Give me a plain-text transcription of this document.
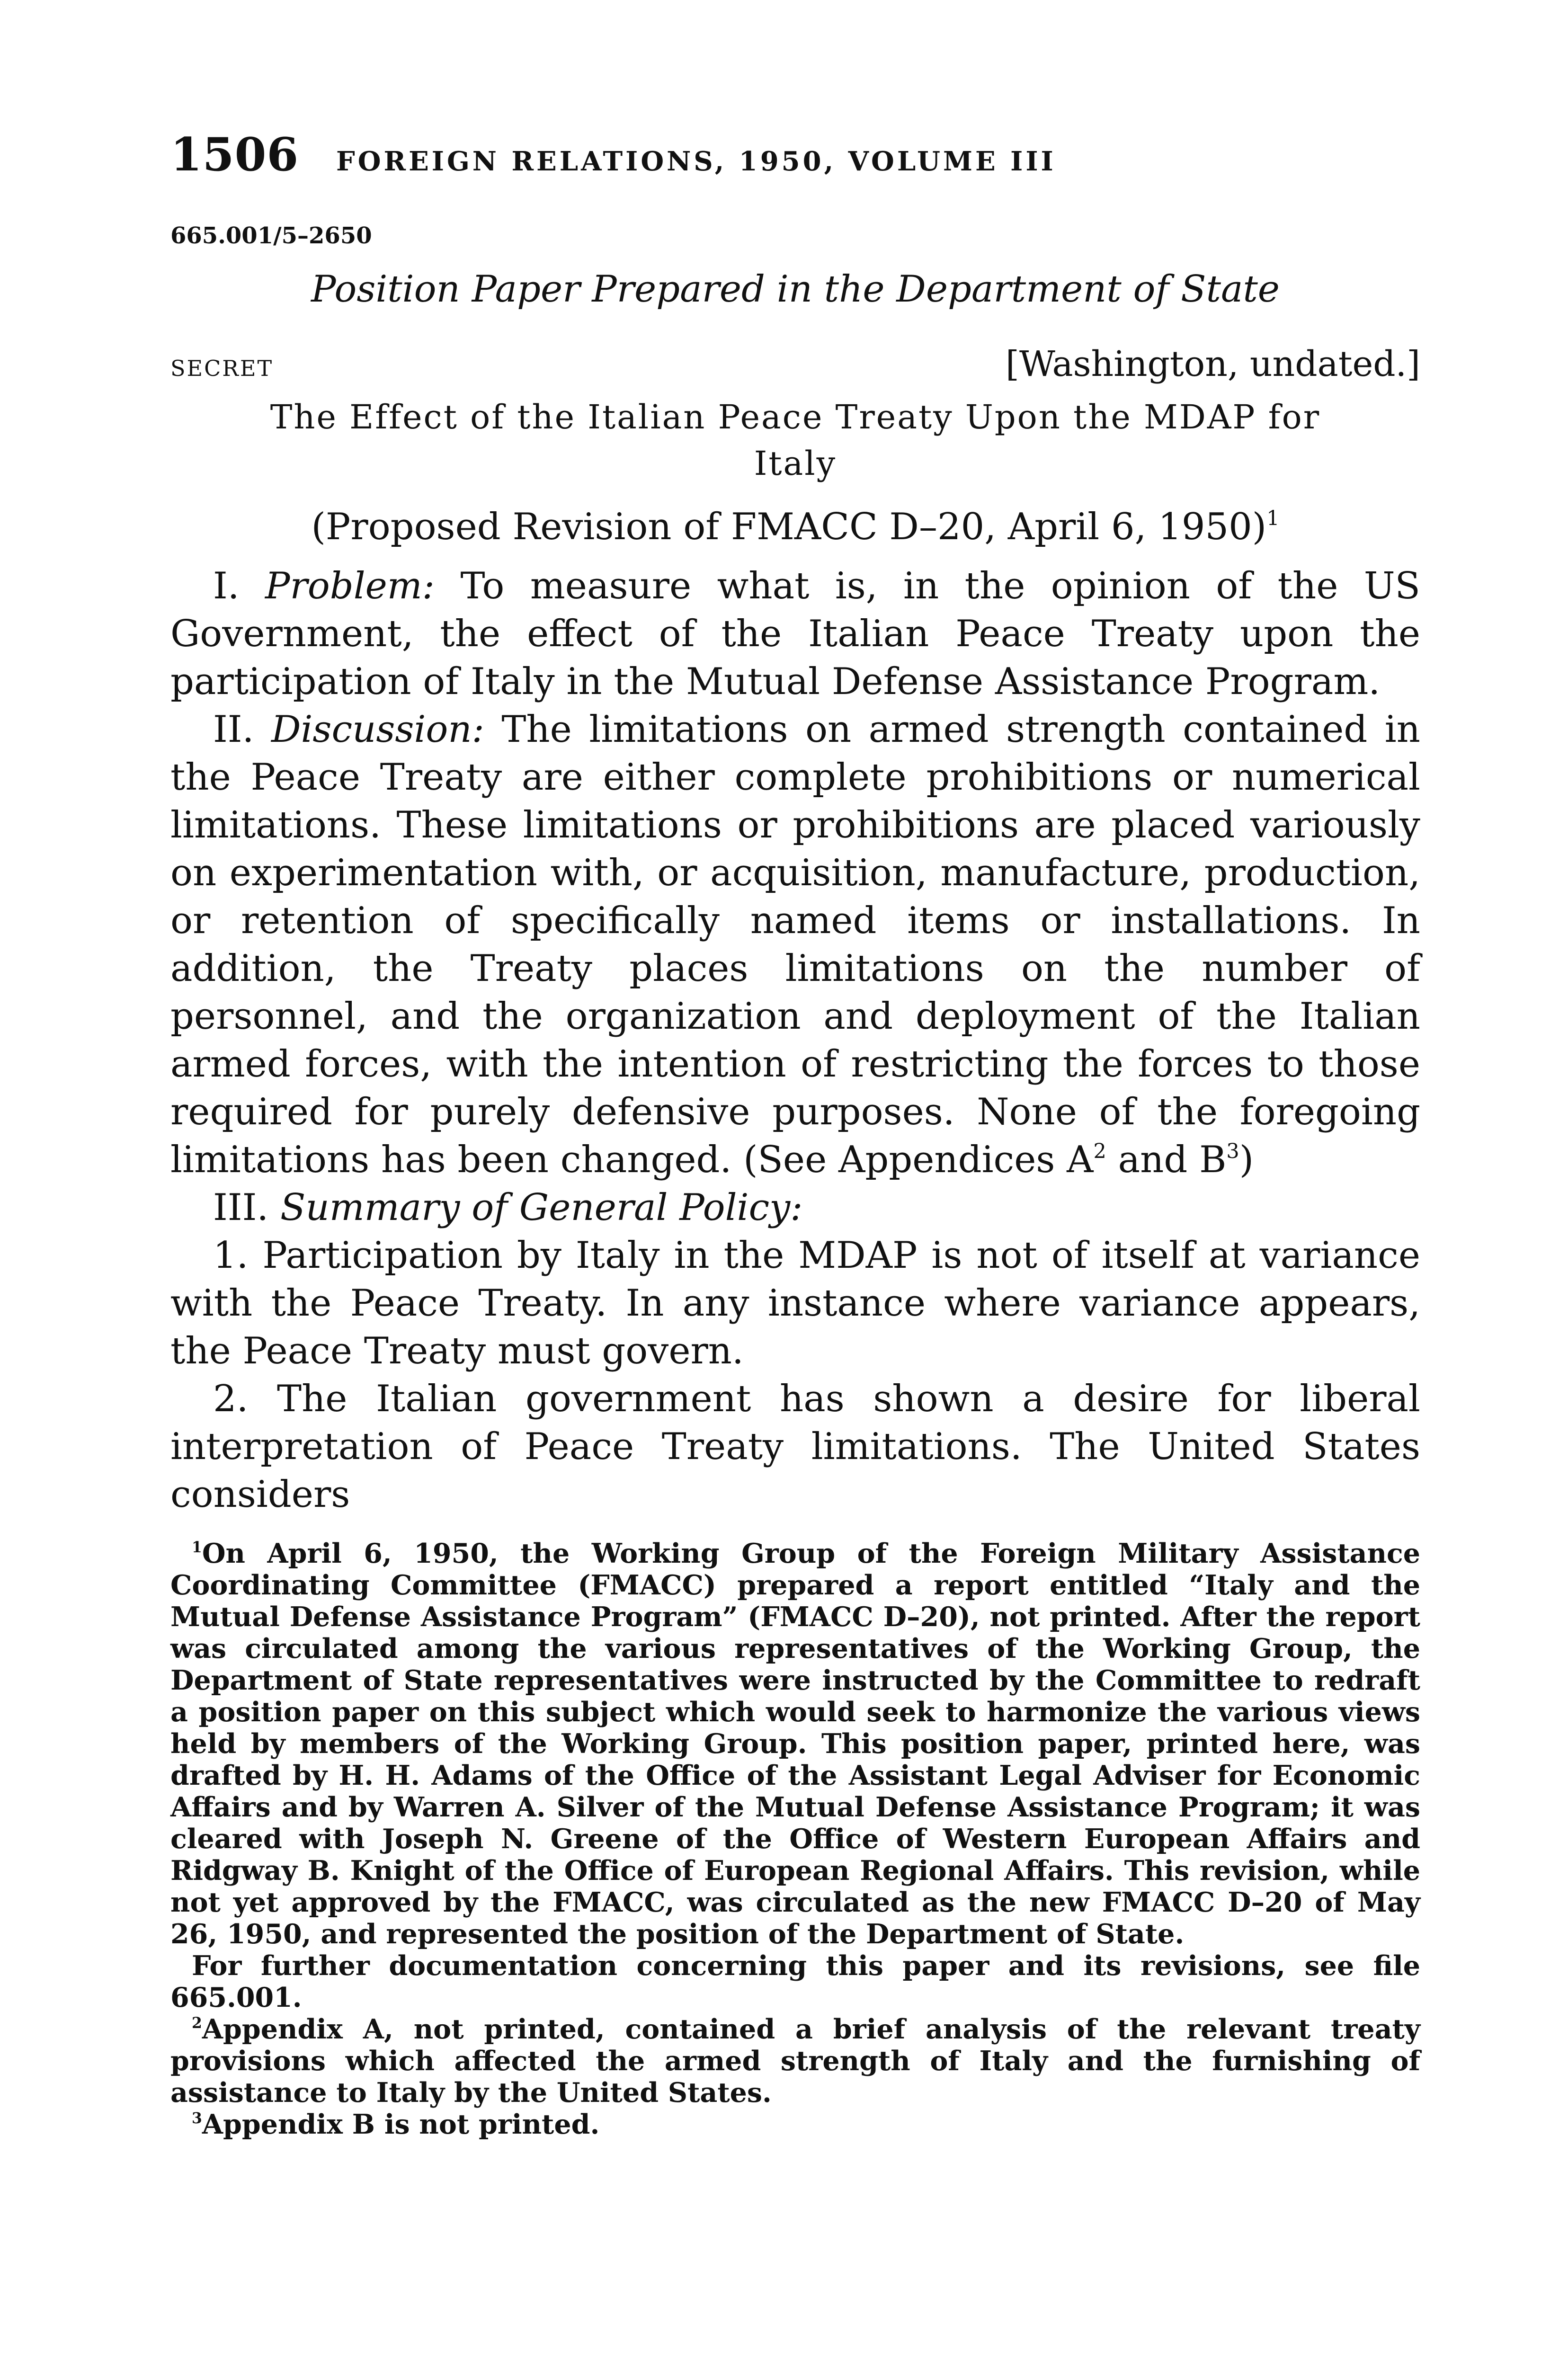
1506	FOREIGN RELATIONS, 1950, VOLUME III
665.001/5–2650
Position Paper Prepared in the Department of State
SECRET	[Washington, undated.]
The Effect of the Italian Peace Treaty Upon the MDAP for
Italy
(Proposed Revision of FMACC D–20, April 6, 1950)$^1$

I. Problem: To measure what is, in the opinion of the US Government, the effect of the Italian Peace Treaty upon the participation of Italy in the Mutual Defense Assistance Program.

II. Discussion: The limitations on armed strength contained in the Peace Treaty are either complete prohibitions or numerical limitations. These limitations or prohibitions are placed variously on experimentation with, or acquisition, manufacture, production, or retention of specifically named items or installations. In addition, the Treaty places limitations on the number of personnel, and the organization and deployment of the Italian armed forces, with the intention of restricting the forces to those required for purely defensive purposes. None of the foregoing limitations has been changed. (See Appendices $A^2$ and $B^3$)

III. Summary of General Policy:

1. Participation by Italy in the MDAP is not of itself at variance with the Peace Treaty. In any instance where variance appears, the Peace Treaty must govern.

2. The Italian government has shown a desire for liberal interpretation of Peace Treaty limitations. The United States considers

$^1$On April 6, 1950, the Working Group of the Foreign Military Assistance Coordinating Committee (FMACC) prepared a report entitled “Italy and the Mutual Defense Assistance Program” (FMACC D–20), not printed. After the report was circulated among the various representatives of the Working Group, the Department of State representatives were instructed by the Committee to redraft a position paper on this subject which would seek to harmonize the various views held by members of the Working Group. This position paper, printed here, was drafted by H. H. Adams of the Office of the Assistant Legal Adviser for Economic Affairs and by Warren A. Silver of the Mutual Defense Assistance Program; it was cleared with Joseph N. Greene of the Office of Western European Affairs and Ridgway B. Knight of the Office of European Regional Affairs. This revision, while not yet approved by the FMACC, was circulated as the new FMACC D–20 of May 26, 1950, and represented the position of the Department of State.

For further documentation concerning this paper and its revisions, see file 665.001.

$^2$Appendix A, not printed, contained a brief analysis of the relevant treaty provisions which affected the armed strength of Italy and the furnishing of assistance to Italy by the United States.

$^3$Appendix B is not printed.
